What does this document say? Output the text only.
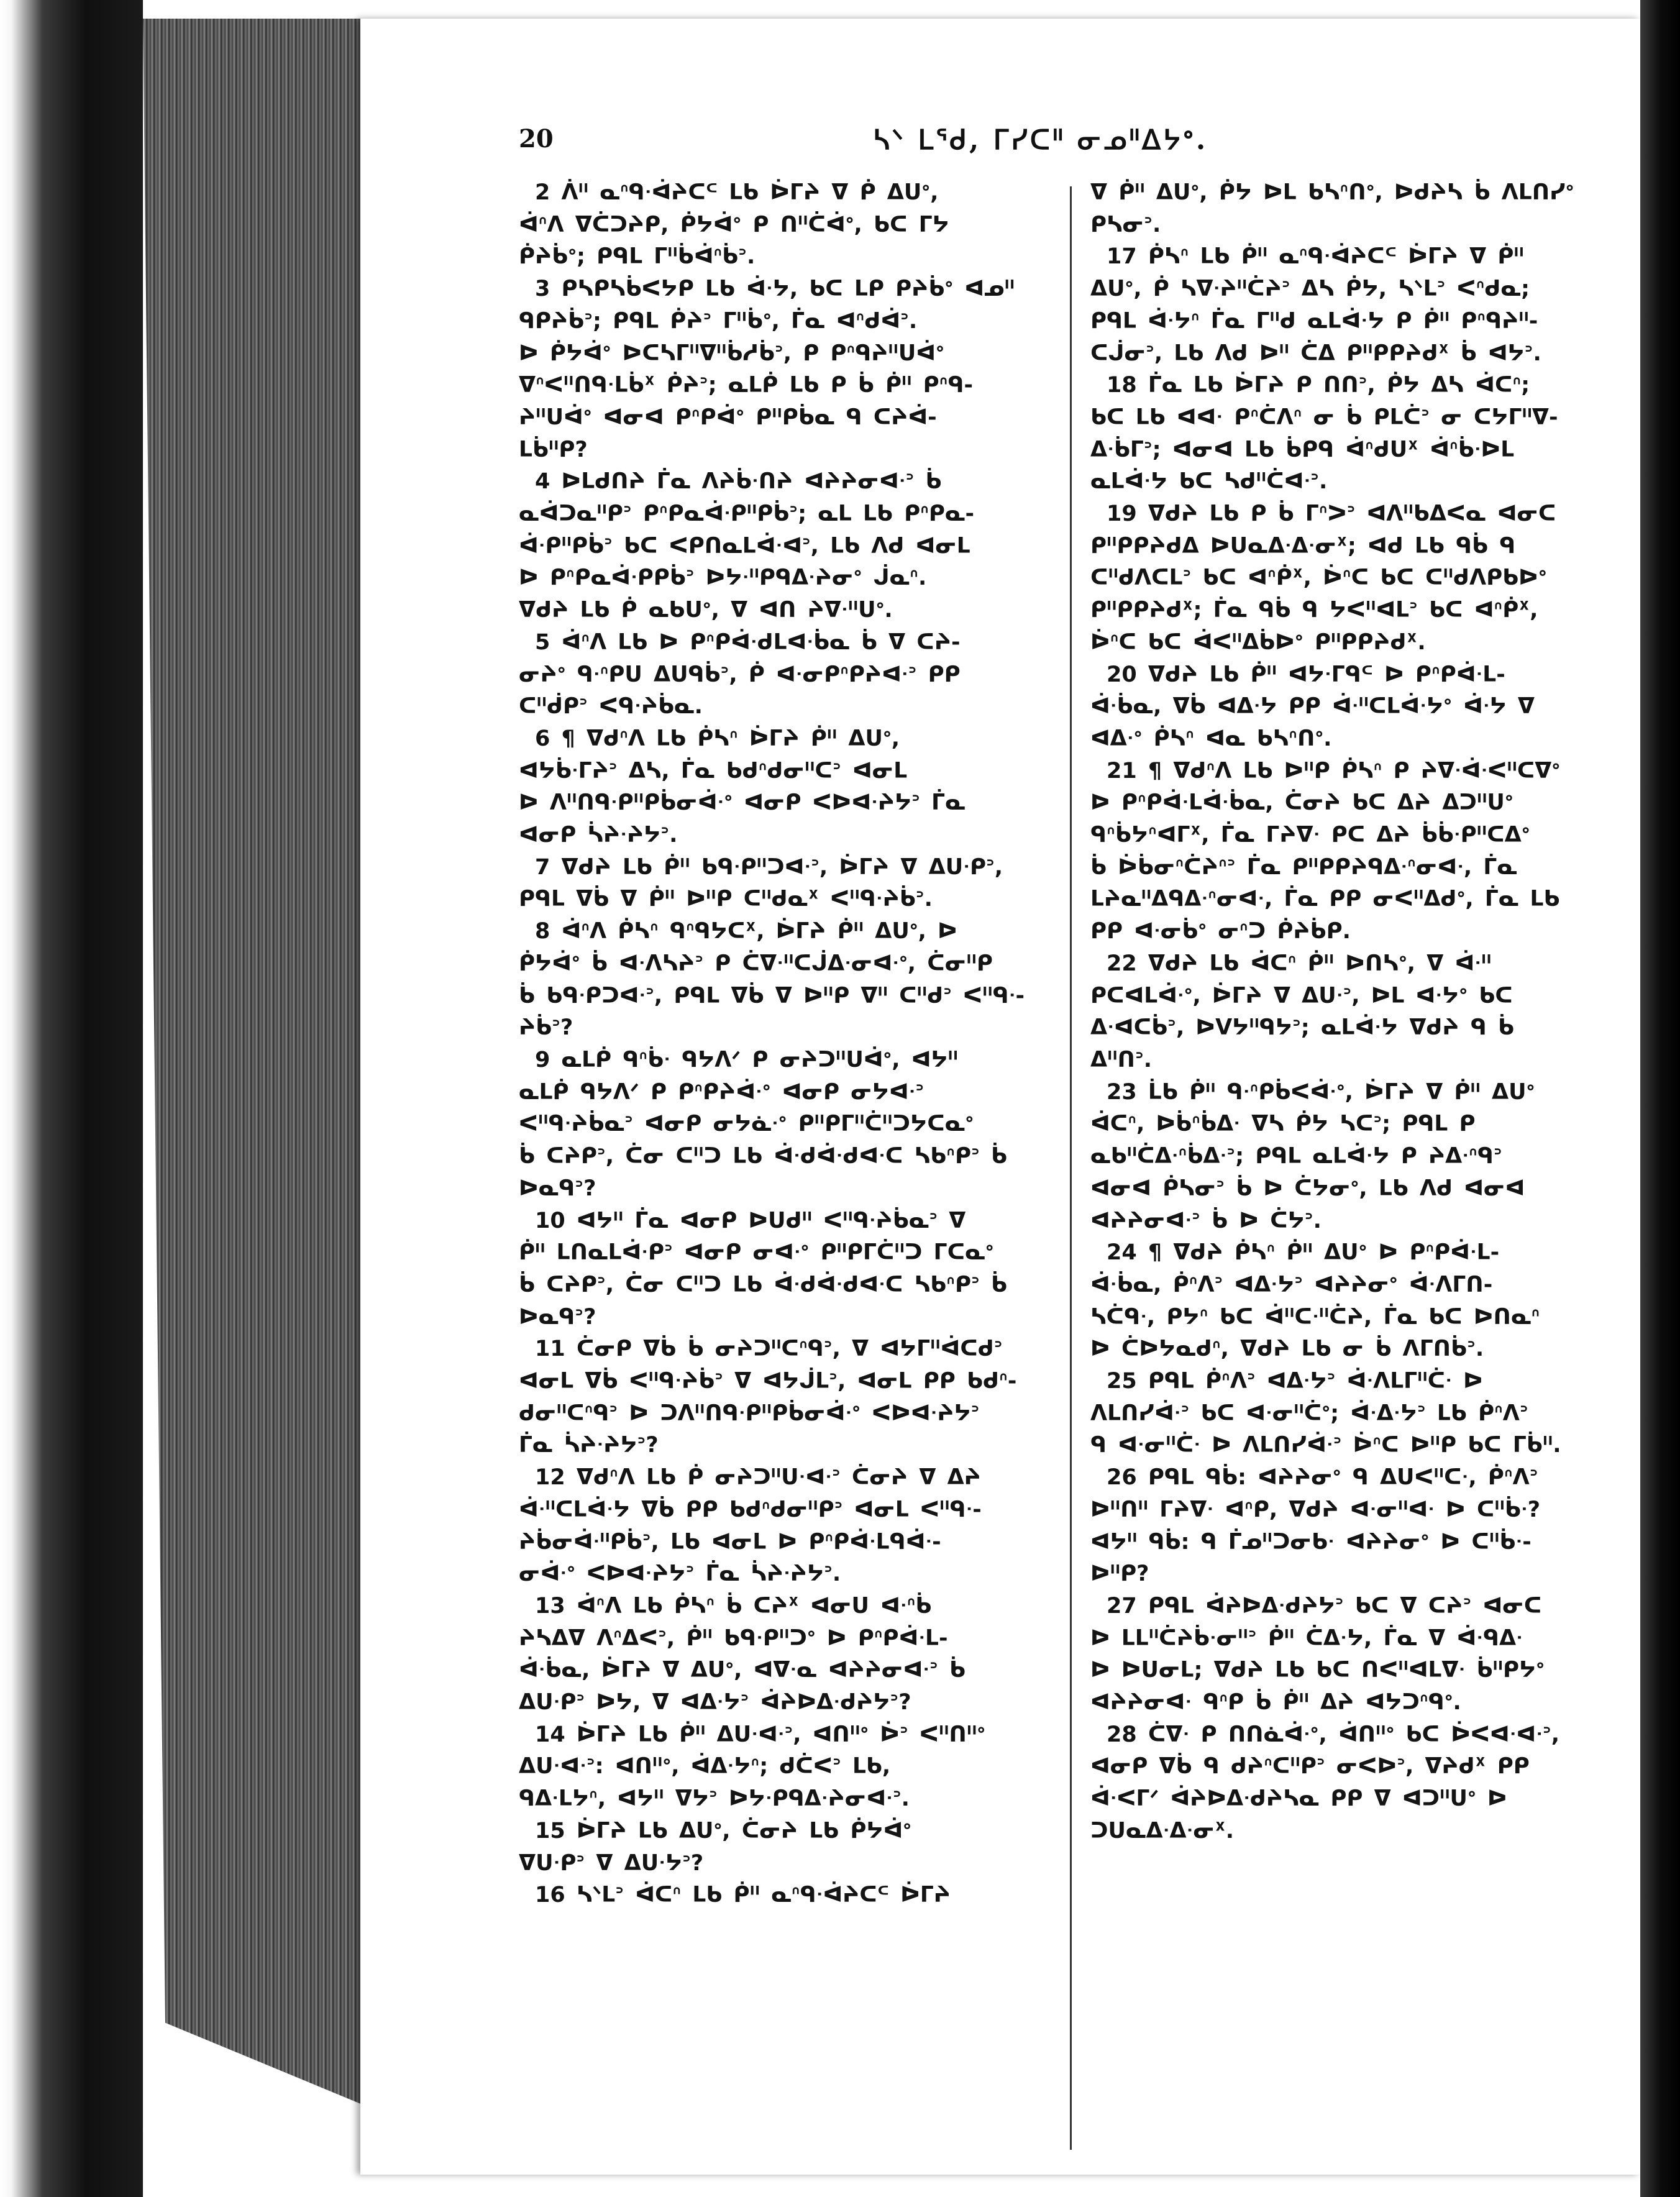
20	ᓴᐠ ᒪᕐᑯ, ᒥᓯᑕᐦ ᓂᓄᐦᐃᔭᐤ.
2 ᐲᐦ ᓇᐢᑫᐧᐋᔨᑕᒼ ᒪᑲ ᐆᒥᔨ ᐁ ᑮ ᐃᑌᐤ,
ᐋᐢᐱ ᐁᑖᑐᔨᑭ, ᑮᔭᐋᐤ ᑭ ᑎᐦᑖᐋᐤ, ᑲᑕ ᒥᔭ
ᑮᔨᑳᐤ; ᑭᑫᒪ ᒥᐦᑳᐋᐢᑳᐣ.
3 ᑭᓴᑭᓴᑳᐸᔭᑭ ᒪᑲ ᐋᐧᔭ, ᑲᑕ ᒪᑭ ᑭᔨᑳᐤ ᐊᓄᐦ
ᑫᑭᔨᑳᐣ; ᑭᑫᒪ ᑮᔨᐣ ᒥᐦᑳᐤ, ᒦᓇ ᐊᐢᑯᐋᐣ.
ᐅ ᑮᔭᐋᐤ ᐅᑕᓴᒥᐦᐁᐦᑳᓱᑳᐣ, ᑭ ᑭᐢᑫᔨᐦᑌᐋᐤ
ᐁᐢᐸᐦᑎᑫᐧᒪᑳᕽ ᑮᔨᐣ; ᓇᒪᑮ ᒪᑲ ᑭ ᑳ ᑮᐦ ᑭᐢᑫ-
ᔨᐦᑌᐋᐤ ᐊᓂᐊ ᑭᐢᑭᐋᐤ ᑭᐦᑭᑳᓇ ᑫ ᑕᔨᐋ-
ᒪᑳᐦᑭ?
4 ᐅᒪᑯᑎᔨ ᒦᓇ ᐱᔨᑳᐧᑎᔨ ᐊᔨᔨᓂᐊᐧᐣ ᑳ
ᓇᐋᑐᓇᐦᑭᐣ ᑭᐢᑭᓇᐋᐧᑭᐦᑭᑳᐣ; ᓇᒪ ᒪᑲ ᑭᐢᑭᓇ-
ᐋᐧᑭᐦᑭᑳᐣ ᑲᑕ ᐸᑭᑎᓇᒪᐋᐧᐊᐣ, ᒪᑲ ᐱᑯ ᐊᓂᒪ
ᐅ ᑭᐢᑭᓇᐋᐧᑭᑭᑳᐣ ᐅᔭᐧᐦᑭᑫᐃᐧᔨᓂᐤ ᒎᓇᐢ.
ᐁᑯᔨ ᒪᑲ ᑮ ᓇᑲᑌᐤ, ᐁ ᐊᑎ ᔨᐁᐧᐦᑌᐤ.
5 ᐋᐢᐱ ᒪᑲ ᐅ ᑭᐢᑭᐋᐧᑯᒪᐊᐧᑳᓇ ᑳ ᐁ ᑕᔨ-
ᓂᔨᐤ ᑫᐧᐢᑭᑌ ᐃᑌᑫᑳᐣ, ᑮ ᐊᐧᓂᑭᐢᑭᔨᐊᐧᐣ ᑭᑭ
ᑕᐦᑰᑭᐣ ᐸᑫᐧᔨᑳᓇ.
6 ¶ ᐁᑯᐢᐱ ᒪᑲ ᑮᓴᐢ ᐆᒥᔨ ᑮᐦ ᐃᑌᐤ,
ᐊᔭᑳᐧᒥᔨᐣ ᐃᓴ, ᒦᓇ ᑲᑯᐢᑯᓂᐦᑕᐣ ᐊᓂᒪ
ᐅ ᐱᐦᑎᑫᐧᑭᐦᑭᑳᓂᐋᐧᐤ ᐊᓂᑭ ᐸᐅᐊᐧᔨᔭᐣ ᒦᓇ
ᐊᓂᑭ ᓵᔨᐧᔨᔭᐣ.
7 ᐁᑯᔨ ᒪᑲ ᑮᐦ ᑲᑫᐧᑭᐦᑐᐊᐧᐣ, ᐆᒥᔨ ᐁ ᐃᑌᐧᑭᐣ,
ᑭᑫᒪ ᐁᑳ ᐁ ᑮᐦ ᐅᐦᑭ ᑕᐦᑯᓇᕽ ᐸᐦᑫᐧᔨᑳᐣ.
8 ᐋᐢᐱ ᑮᓴᐢ ᑫᐢᑫᔭᑕᕽ, ᐆᒥᔨ ᑮᐦ ᐃᑌᐤ, ᐅ
ᑮᔭᐋᐤ ᑳ ᐊᐧᐱᓴᔨᐣ ᑭ ᑖᐁᐧᐦᑕᒎᐃᐧᓂᐊᐧᐤ, ᑖᓂᐦᑭ
ᑳ ᑲᑫᐧᑭᑐᐊᐧᐣ, ᑭᑫᒪ ᐁᑳ ᐁ ᐅᐦᑭ ᐁᐦ ᑕᐦᑯᐣ ᐸᐦᑫᐧ-
ᔨᑳᐣ?
9 ᓇᒪᑮ ᑫᐢᑳᐧ ᑫᔭᐱᐟ ᑭ ᓂᔨᑐᐦᑌᐋᐤ, ᐊᔭᐦ
ᓇᒪᑮ ᑫᔭᐱᐟ ᑭ ᑭᐢᑭᔨᐋᐧᐤ ᐊᓂᑭ ᓂᔭᐊᐧᐣ
ᐸᐦᑫᐧᔨᑳᓇᐣ ᐊᓂᑭ ᓂᔭᓈᐧᐤ ᑭᐦᑭᒥᐦᑖᐦᑐᔭᑕᓇᐤ
ᑳ ᑕᔨᑭᐣ, ᑖᓂ ᑕᐦᑐ ᒪᑲ ᐋᐧᑯᐋᐧᑯᐊᐧᑕ ᓴᑲᐢᑭᐣ ᑳ
ᐅᓇᑫᐣ?
10 ᐊᔭᐦ ᒦᓇ ᐊᓂᑭ ᐅᑌᑯᐦ ᐸᐦᑫᐧᔨᑳᓇᐣ ᐁ
ᑮᐦ ᒪᑎᓇᒪᐋᐧᑭᐣ ᐊᓂᑭ ᓂᐊᐧᐤ ᑭᐦᑭᒥᑖᐦᑐ ᒥᑕᓇᐤ
ᑳ ᑕᔨᑭᐣ, ᑖᓂ ᑕᐦᑐ ᒪᑲ ᐋᐧᑯᐋᐧᑯᐊᐧᑕ ᓴᑲᐢᑭᐣ ᑳ
ᐅᓇᑫᐣ?
11 ᑖᓂᑭ ᐁᑳ ᑳ ᓂᔨᑐᐦᑕᐢᑫᐣ, ᐁ ᐊᔭᒥᐦᐋᑕᑯᐣ
ᐊᓂᒪ ᐁᑳ ᐸᐦᑫᐧᔨᑳᐣ ᐁ ᐊᔭᒎᒪᐣ, ᐊᓂᒪ ᑭᑭ ᑲᑯᐢ-
ᑯᓂᐦᑕᐢᑫᐣ ᐅ ᑐᐱᐦᑎᑫᐧᑭᐦᑭᑳᓂᐋᐧᐤ ᐸᐅᐊᐧᔨᔭᐣ
ᒦᓇ ᓵᔨᐧᔨᔭᐣ?
12 ᐁᑯᐢᐱ ᒪᑲ ᑮ ᓂᔨᑐᐦᑌᐧᐊᐧᐣ ᑖᓂᔨ ᐁ ᐃᔨ
ᐋᐧᐦᑕᒪᐋᐧᔭ ᐁᑳ ᑭᑭ ᑲᑯᐢᑯᓂᐦᑭᐣ ᐊᓂᒪ ᐸᐦᑫᐧ-
ᔨᑳᓂᐋᐧᐦᑭᑳᐣ, ᒪᑲ ᐊᓂᒪ ᐅ ᑭᐢᑭᐋᐧᒪᑫᐋᐧ-
ᓂᐋᐧᐤ ᐸᐅᐊᐧᔨᔭᐣ ᒦᓇ ᓵᔨᐧᔨᔭᐣ.
13 ᐋᐢᐱ ᒪᑲ ᑮᓴᐢ ᑳ ᑕᔨᕽ ᐊᓂᑌ ᐊᐧᐢᑳ
ᔨᓴᐃᐁ ᐱᐢᐃᐸᐣ, ᑮᐦ ᑲᑫᐧᑭᐦᑐᐤ ᐅ ᑭᐢᑭᐋᐧᒪ-
ᐋᐧᑳᓇ, ᐆᒥᔨ ᐁ ᐃᑌᐤ, ᐊᐁᐧᓇ ᐊᔨᔨᓂᐊᐧᐣ ᑳ
ᐃᑌᐧᑭᐣ ᐅᔭ, ᐁ ᐊᐃᐧᔭᐣ ᐋᔨᐅᐃᐧᑯᔨᔭᐣ?
14 ᐆᒥᔨ ᒪᑲ ᑮᐦ ᐃᑌᐧᐊᐧᐣ, ᐊᑎᐦᐤ ᐆᐣ ᐸᐦᑎᐦᐤ
ᐃᑌᐧᐊᐧᐣ: ᐊᑎᐦᐤ, ᐋᐃᐧᔭᐢ; ᑯᑖᐸᐣ ᒪᑲ,
ᑫᐃᐧᒪᔭᐢ, ᐊᔭᐦ ᐁᔭᐣ ᐅᔭᐧᑭᑫᐃᐧᔨᓂᐊᐧᐣ.
15 ᐆᒥᔨ ᒪᑲ ᐃᑌᐤ, ᑖᓂᔨ ᒪᑲ ᑮᔭᐋᐤ
ᐁᑌᐧᑭᐣ ᐁ ᐃᑌᐧᔭᐣ?
16 ᓴᐠᒪᐣ ᐋᑕᐢ ᒪᑲ ᑮᐦ ᓇᐢᑫᐧᐋᔨᑕᒼ ᐆᒥᔨ
ᐁ ᑮᐦ ᐃᑌᐤ, ᑮᔭ ᐅᒪ ᑲᓴᐢᑎᐤ, ᐅᑯᔨᓴ ᑳ ᐱᒪᑎᓯᐤ
ᑭᓴᓂᐣ.
17 ᑮᓴᐢ ᒪᑲ ᑮᐦ ᓇᐢᑫᐧᐋᔨᑕᒼ ᐆᒥᔨ ᐁ ᑮᐦ
ᐃᑌᐤ, ᑮ ᓴᐁᐧᔨᐦᑖᔨᐣ ᐃᓴ ᑮᔭ, ᓴᐠᒪᐣ ᐸᐢᑯᓇ;
ᑭᑫᒪ ᐋᐧᔭᐢ ᒦᓇ ᒥᐦᑯ ᓇᒪᐋᐧᔭ ᑭ ᑮᐦ ᑭᐢᑫᔨᐦ-
ᑕᒎᓂᐣ, ᒪᑲ ᐱᑯ ᐅᐦ ᑖᐃ ᑭᐦᑭᑭᔨᑯᕽ ᑳ ᐊᔭᐣ.
18 ᒦᓇ ᒪᑲ ᐆᒥᔨ ᑭ ᑎᑎᐣ, ᑮᔭ ᐃᓴ ᐋᑕᐢ;
ᑲᑕ ᒪᑲ ᐊᐊᐧ ᑭᐢᑖᐱᐢ ᓂ ᑳ ᑭᒪᑖᐣ ᓂ ᑕᔭᒥᐦᐁ-
ᐃᐧᑳᒥᐣ; ᐊᓂᐊ ᒪᑲ ᑳᑭᑫ ᐋᐢᑯᑌᕽ ᐋᐢᑳᐧᐅᒪ
ᓇᒪᐋᐧᔭ ᑲᑕ ᓴᑯᐦᑖᐊᐧᐣ.
19 ᐁᑯᔨ ᒪᑲ ᑭ ᑳ ᒥᐢᐳᐣ ᐊᐱᐦᑲᐃᐸᓇ ᐊᓂᑕ
ᑭᐦᑭᑭᔨᑯᐃ ᐅᑌᓇᐃᐧᐃᐧᓂᕽ; ᐊᑯ ᒪᑲ ᑫᑳ ᑫ
ᑕᐦᑯᐱᑕᒪᐣ ᑲᑕ ᐊᐢᑮᕽ, ᐆᐢᑕ ᑲᑕ ᑕᐦᑯᐱᑭᑲᐅᐤ
ᑭᐦᑭᑭᔨᑯᕽ; ᒦᓇ ᑫᑳ ᑫ ᔭᐸᐦᐊᒪᐣ ᑲᑕ ᐊᐢᑮᕽ,
ᐆᐢᑕ ᑲᑕ ᐋᐸᐦᐃᑳᐅᐤ ᑭᐦᑭᑭᔨᑯᕽ.
20 ᐁᑯᔨ ᒪᑲ ᑮᐦ ᐊᔭᐧᒥᑫᒼ ᐅ ᑭᐢᑭᐋᐧᒪ-
ᐋᐧᑳᓇ, ᐁᑳ ᐊᐃᐧᔭ ᑭᑭ ᐋᐧᐦᑕᒪᐋᐧᔭᐤ ᐋᐧᔭ ᐁ
ᐊᐃᐧᐤ ᑮᓴᐢ ᐊᓇ ᑲᓴᐢᑎᐤ.
21 ¶ ᐁᑯᐢᐱ ᒪᑲ ᐅᐦᑭ ᑮᓴᐢ ᑭ ᔨᐁᐧᐋᐧᐸᐦᑕᐁᐤ
ᐅ ᑭᐢᑭᐋᐧᒪᐋᐧᑳᓇ, ᑖᓂᔨ ᑲᑕ ᐃᔨ ᐃᑐᐦᑌᐤ
ᑫᐢᑳᔭᐢᐊᒥᕽ, ᒦᓇ ᒥᔨᐁᐧ ᑭᑕ ᐃᔨ ᑳᑳᐧᑭᐦᑕᐃᐤ
ᑳ ᐆᑳᓂᐢᑖᔨᐢᐣ ᒦᓇ ᑭᐦᑭᑭᔨᑫᐃᐧᐢᓂᐊᐧ, ᒦᓇ
ᒪᔨᓇᐦᐃᑫᐃᐧᐢᓂᐊᐧ, ᒦᓇ ᑭᑭ ᓂᐸᐦᐃᑯᐤ, ᒦᓇ ᒪᑲ
ᑭᑭ ᐊᐧᓂᑳᐤ ᓂᐢᑐ ᑮᔨᑳᑭ.
22 ᐁᑯᔨ ᒪᑲ ᐋᑕᐢ ᑮᐦ ᐅᑎᓴᐤ, ᐁ ᐋᐧᐦ
ᑭᑕᐊᒪᐋᐧᐤ, ᐆᒥᔨ ᐁ ᐃᑌᐧᐣ, ᐅᒪ ᐊᐧᔭᐤ ᑲᑕ
ᐃᐧᐊᑕᑳᐣ, ᐅᐯᔭᐦᑫᔭᐣ; ᓇᒪᐋᐧᔭ ᐁᑯᔨ ᑫ ᑳ
ᐃᐦᑎᐣ.
23 ᒫᑲ ᑮᐦ ᑫᐧᐢᑭᑳᐸᐋᐧᐤ, ᐆᒥᔨ ᐁ ᑮᐦ ᐃᑌᐤ
ᐋᑕᐢ, ᐅᑳᐢᑳᐃᐧ ᐁᓴ ᑮᔭ ᓴᑕᐣ; ᑭᑫᒪ ᑭ
ᓇᑲᐦᑖᐃᐧᐢᑳᐃᐧᐣ; ᑭᑫᒪ ᓇᒪᐋᐧᔭ ᑭ ᔨᐃᐧᐢᑫᐣ
ᐊᓂᐊ ᑮᓴᓂᐣ ᑳ ᐅ ᑖᔭᓂᐤ, ᒪᑲ ᐱᑯ ᐊᓂᐊ
ᐊᔨᔨᓂᐊᐧᐣ ᑳ ᐅ ᑖᔭᐣ.
24 ¶ ᐁᑯᔨ ᑮᓴᐢ ᑮᐦ ᐃᑌᐤ ᐅ ᑭᐢᑭᐋᐧᒪ-
ᐋᐧᑳᓇ, ᑮᐢᐱᐣ ᐊᐃᐧᔭᐣ ᐊᔨᔨᓂᐤ ᐋᐧᐱᒥᑎ-
ᓴᑖᑫᐧ, ᑭᔭᐢ ᑲᑕ ᐋᐦᑕᐧᐦᑖᔨ, ᒦᓇ ᑲᑕ ᐅᑎᓇᐢ
ᐅ ᑖᐅᔭᓇᑯᐢ, ᐁᑯᔨ ᒪᑲ ᓂ ᑳ ᐱᒥᑎᑳᐣ.
25 ᑭᑫᒪ ᑮᐢᐱᐣ ᐊᐃᐧᔭᐣ ᐋᐧᐱᒪᒥᐦᑖᐧ ᐅ
ᐱᒪᑎᓯᐋᐧᐣ ᑲᑕ ᐊᐧᓂᐦᑖᐤ; ᐋᐧᐃᐧᔭᐣ ᒪᑲ ᑮᐢᐱᐣ
ᑫ ᐊᐧᓂᐦᑖᐧ ᐅ ᐱᒪᑎᓯᐋᐧᐣ ᐆᐢᑕ ᐅᐦᑭ ᑲᑕ ᒥᑳᐦ.
26 ᑭᑫᒪ ᑫᑳ: ᐊᔨᔨᓂᐤ ᑫ ᐃᑌᐸᐦᑕᐧ, ᑮᐢᐱᐣ
ᐅᐦᑎᐦ ᒥᔨᐁᐧ ᐊᐢᑭ, ᐁᑯᔨ ᐊᐧᓂᐦᐊᐧ ᐅ ᑕᐦᑳᐧ?
ᐊᔭᐦ ᑫᑳ: ᑫ ᒦᓄᐦᑐᓂᑲᐧ ᐊᔨᔨᓂᐤ ᐅ ᑕᐦᑳᐧ-
ᐅᐦᑭ?
27 ᑭᑫᒪ ᐋᔨᐅᐃᐧᑯᔨᔭᐣ ᑲᑕ ᐁ ᑕᔨᐣ ᐊᓂᑕ
ᐅ ᒪᒪᐦᑖᔨᑳᐧᓂᐦᐣ ᑮᐦ ᑖᐃᐧᔭ, ᒦᓇ ᐁ ᐋᐧᑫᐃᐧ
ᐅ ᐅᑌᓂᒪ; ᐁᑯᔨ ᒪᑲ ᑲᑕ ᑎᐸᐦᐊᒪᐁᐧ ᑳᐦᑭᔭᐤ
ᐊᔨᔨᓂᐊᐧ ᑫᐢᑭ ᑳ ᑮᐦ ᐃᔨ ᐊᔭᑐᐢᑫᐤ.
28 ᑖᐁᐧ ᑭ ᑎᑎᓈᐋᐧᐤ, ᐋᑎᐦᐤ ᑲᑕ ᐆᐸᐊᐧᐊᐧᐣ,
ᐊᓂᑭ ᐁᑳ ᑫ ᑯᔨᐢᑕᐦᑭᐣ ᓂᐸᐅᐣ, ᐁᔨᑯᕽ ᑭᑭ
ᐋᐧᐸᒥᐟ ᐋᔨᐅᐃᐧᑯᔨᓴᓇ ᑭᑭ ᐁ ᐊᑐᐦᑌᐤ ᐅ
ᑐᑌᓇᐃᐧᐃᐧᓂᕽ.
